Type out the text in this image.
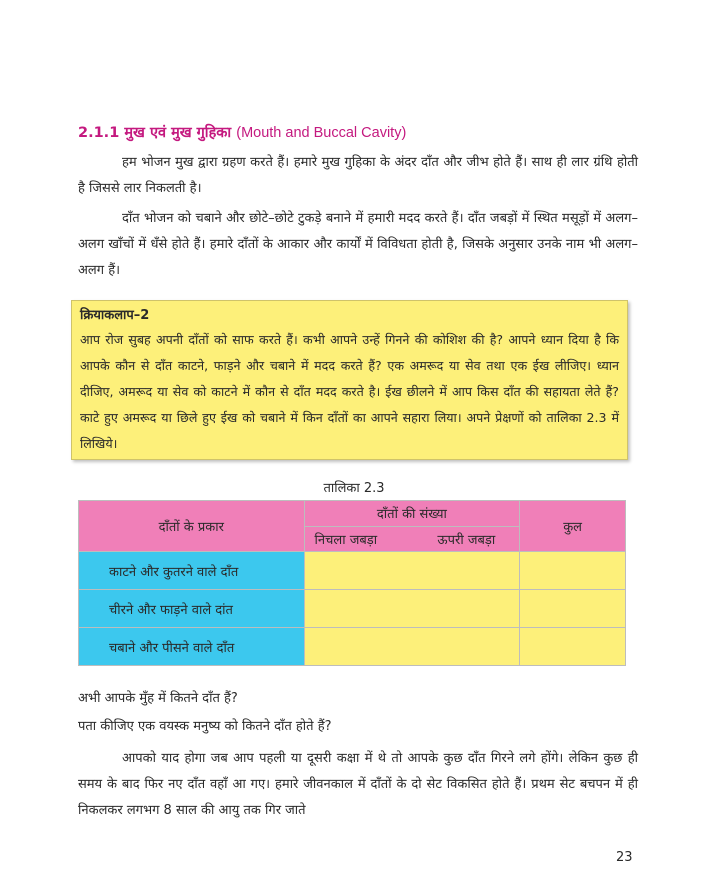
2.1.1 मुख एवं मुख गुहिका (Mouth and Buccal Cavity)
हम भोजन मुख द्वारा ग्रहण करते हैं। हमारे मुख गुहिका के अंदर दाँत और जीभ होते हैं। साथ ही लार ग्रंथि होती है जिससे लार निकलती है।
दाँत भोजन को चबाने और छोटे–छोटे टुकड़े बनाने में हमारी मदद करते हैं। दाँत जबड़ों में स्थित मसूड़ों में अलग–अलग खाँचों में धँसे होते हैं। हमारे दाँतों के आकार और कार्यों में विविधता होती है, जिसके अनुसार उनके नाम भी अलग–अलग हैं।
क्रियाकलाप–2
आप रोज सुबह अपनी दाँतों को साफ करते हैं। कभी आपने उन्हें गिनने की कोशिश की है? आपने ध्यान दिया है कि आपके कौन से दाँत काटने, फाड़ने और चबाने में मदद करते हैं? एक अमरूद या सेव तथा एक ईख लीजिए। ध्यान दीजिए, अमरूद या सेव को काटने में कौन से दाँत मदद करते है। ईख छीलने में आप किस दाँत की सहायता लेते हैं? काटे हुए अमरूद या छिले हुए ईख को चबाने में किन दाँतों का आपने सहारा लिया। अपने प्रेक्षणों को तालिका 2.3 में लिखिये।
तालिका 2.3
दाँतों के प्रकार	दाँतों की संख्या	कुल

	निचला जबड़ा ऊपरी जबड़ा	

काटने और कुतरने वाले दाँत		
चीरने और फाड़ने वाले दांत		
चबाने और पीसने वाले दाँत		
अभी आपके मुँह में कितने दाँत हैं?
पता कीजिए एक वयस्क मनुष्य को कितने दाँत होते हैं?
आपको याद होगा जब आप पहली या दूसरी कक्षा में थे तो आपके कुछ दाँत गिरने लगे होंगे। लेकिन कुछ ही समय के बाद फिर नए दाँत वहाँ आ गए। हमारे जीवनकाल में दाँतों के दो सेट विकसित होते हैं। प्रथम सेट बचपन में ही निकलकर लगभग 8 साल की आयु तक गिर जाते
23
